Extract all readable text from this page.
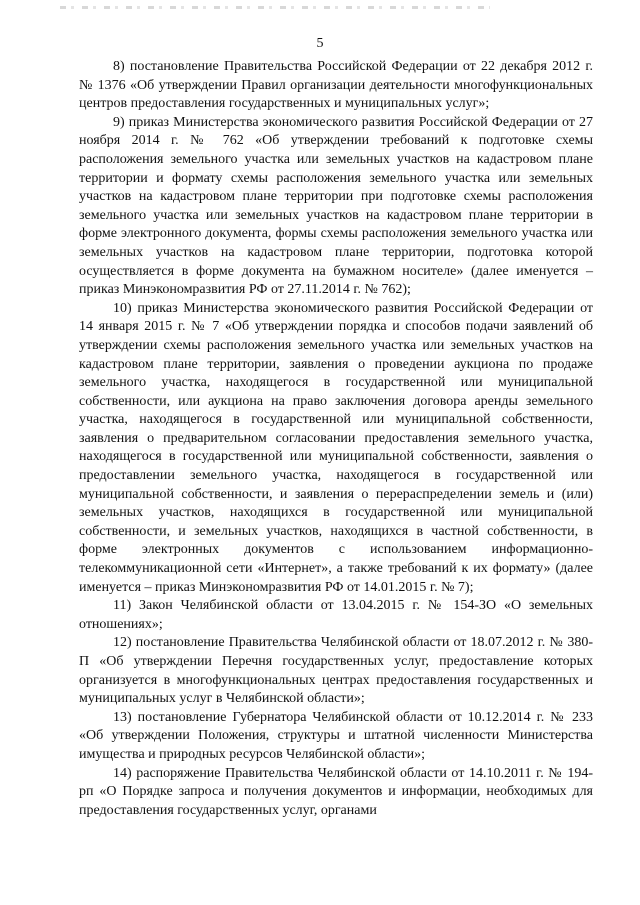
5

8) постановление Правительства Российской Федерации от 22 декабря 2012 г. № 1376 «Об утверждении Правил организации деятельности многофункциональных центров предоставления государственных и муниципальных услуг»;

9) приказ Министерства экономического развития Российской Федерации от 27 ноября 2014 г. № 762 «Об утверждении требований к подготовке схемы расположения земельного участка или земельных участков на кадастровом плане территории и формату схемы расположения земельного участка или земельных участков на кадастровом плане территории при подготовке схемы расположения земельного участка или земельных участков на кадастровом плане территории в форме электронного документа, формы схемы расположения земельного участка или земельных участков на кадастровом плане территории, подготовка которой осуществляется в форме документа на бумажном носителе» (далее именуется – приказ Минэкономразвития РФ от 27.11.2014 г. № 762);

10) приказ Министерства экономического развития Российской Федерации от 14 января 2015 г. № 7 «Об утверждении порядка и способов подачи заявлений об утверждении схемы расположения земельного участка или земельных участков на кадастровом плане территории, заявления о проведении аукциона по продаже земельного участка, находящегося в государственной или муниципальной собственности, или аукциона на право заключения договора аренды земельного участка, находящегося в государственной или муниципальной собственности, заявления о предварительном согласовании предоставления земельного участка, находящегося в государственной или муниципальной собственности, заявления о предоставлении земельного участка, находящегося в государственной или муниципальной собственности, и заявления о перераспределении земель и (или) земельных участков, находящихся в государственной или муниципальной собственности, и земельных участков, находящихся в частной собственности, в форме электронных документов с использованием информационно-телекоммуникационной сети «Интернет», а также требований к их формату» (далее именуется – приказ Минэкономразвития РФ от 14.01.2015 г. № 7);

11) Закон Челябинской области от 13.04.2015 г. № 154-ЗО «О земельных отношениях»;

12) постановление Правительства Челябинской области от 18.07.2012 г. № 380-П «Об утверждении Перечня государственных услуг, предоставление которых организуется в многофункциональных центрах предоставления государственных и муниципальных услуг в Челябинской области»;

13) постановление Губернатора Челябинской области от 10.12.2014 г. № 233 «Об утверждении Положения, структуры и штатной численности Министерства имущества и природных ресурсов Челябинской области»;

14) распоряжение Правительства Челябинской области от 14.10.2011 г. № 194-рп «О Порядке запроса и получения документов и информации, необходимых для предоставления государственных услуг, органами
